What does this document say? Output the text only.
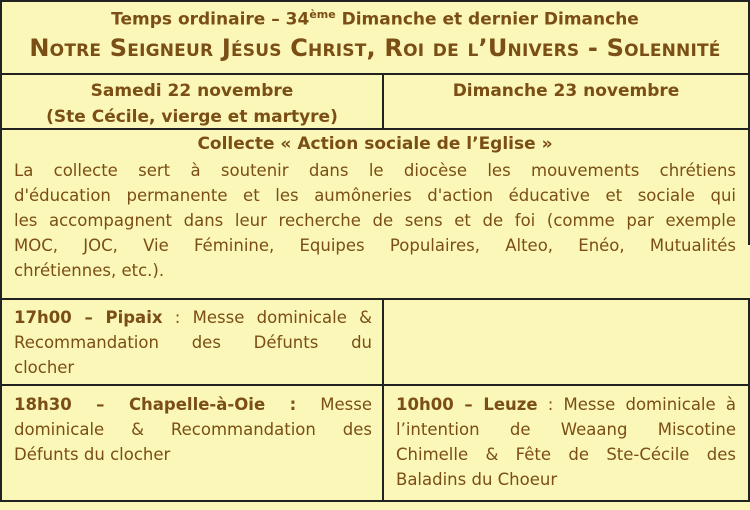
Temps ordinaire – 34ème Dimanche et dernier Dimanche
Notre Seigneur Jésus Christ, Roi de l’Univers - Solennité
Samedi 22 novembre
(Ste Cécile, vierge et martyre)
Dimanche 23 novembre
Collecte « Action sociale de l’Eglise »
La collecte sert à soutenir dans le diocèse les mouvements chrétiens
d'éducation permanente et les aumôneries d'action éducative et sociale qui
les accompagnent dans leur recherche de sens et de foi (comme par exemple
MOC, JOC, Vie Féminine, Equipes Populaires, Alteo, Enéo, Mutualités
chrétiennes, etc.).
17h00 – Pipaix : Messe dominicale &
Recommandation des Défunts du
clocher
18h30 – Chapelle-à-Oie : Messe
dominicale & Recommandation des
Défunts du clocher
10h00 – Leuze : Messe dominicale à
l’intention de Weaang Miscotine
Chimelle & Fête de Ste-Cécile des
Baladins du Choeur
